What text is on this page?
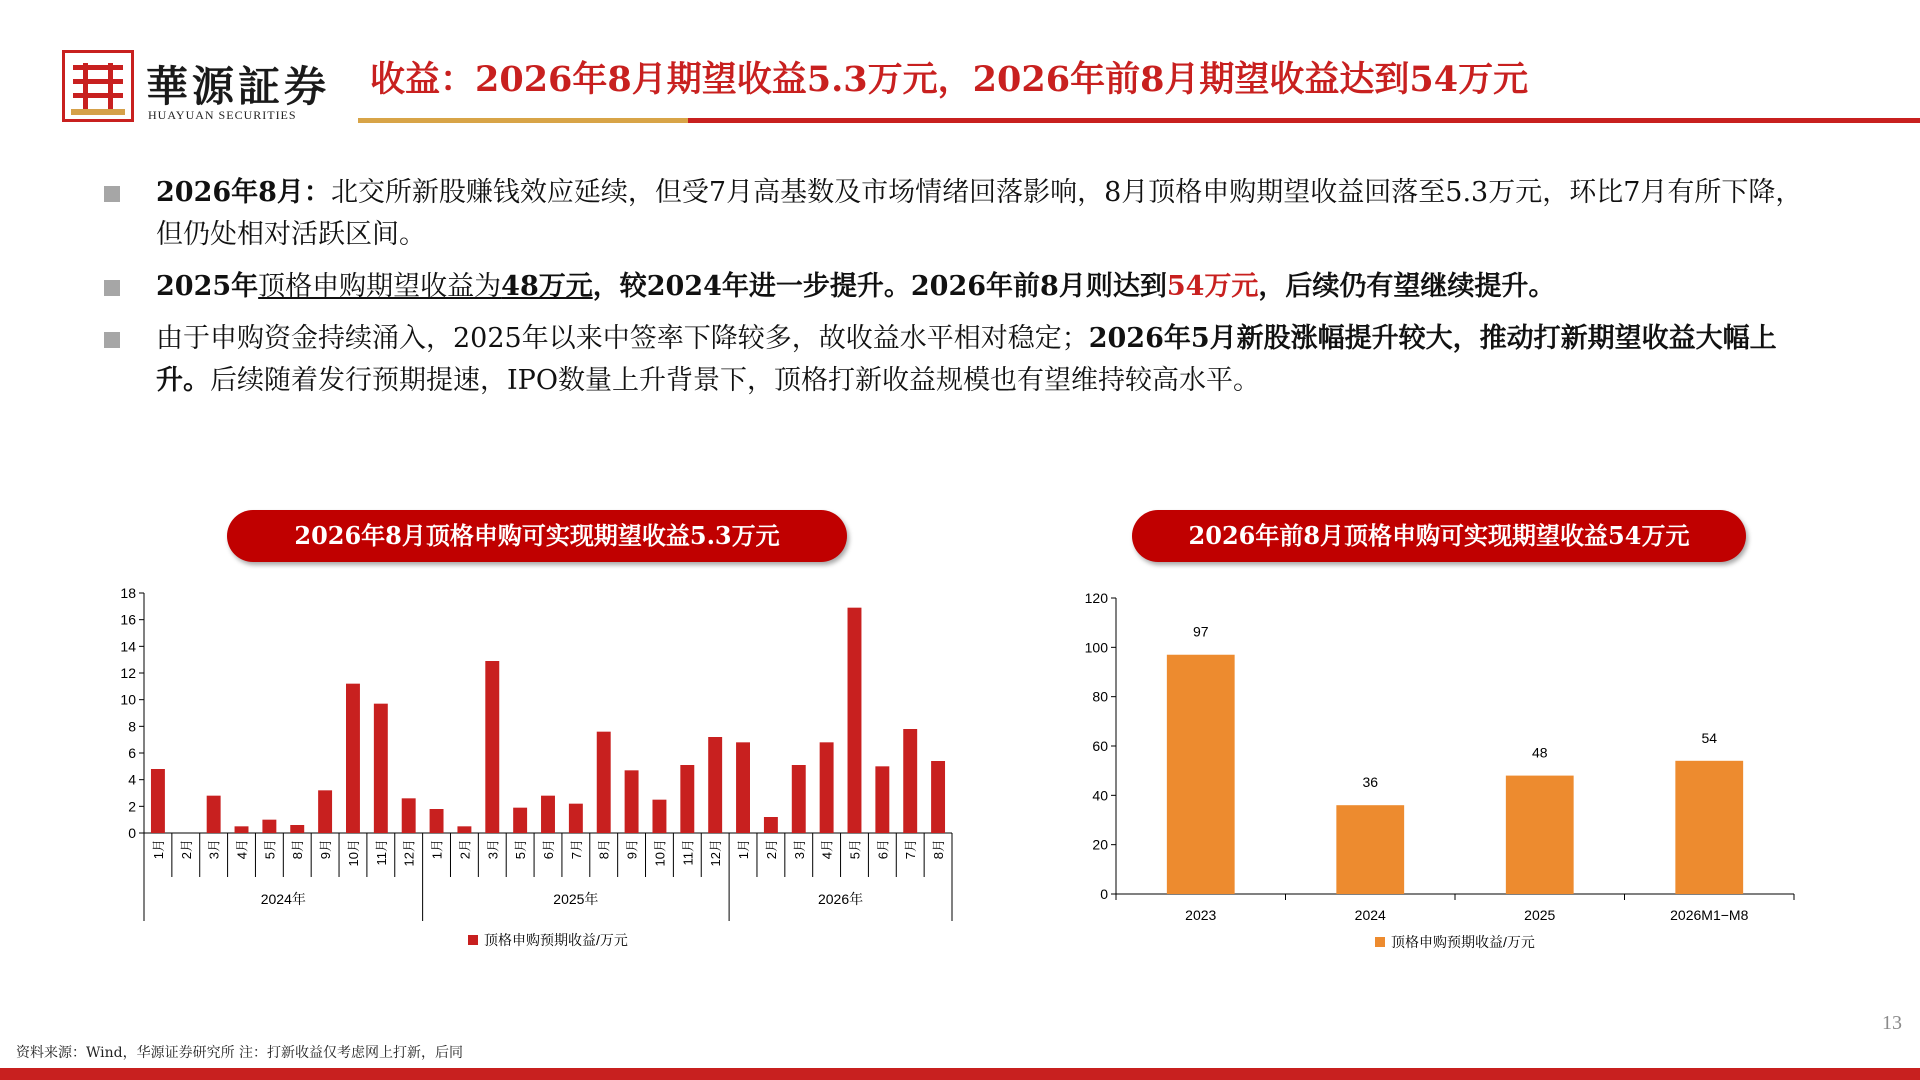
華源証券
HUAYUAN SECURITIES
收益：2026年8月期望收益5.3万元，2026年前8月期望收益达到54万元
2026年8月：北交所新股赚钱效应延续，但受7月高基数及市场情绪回落影响，8月顶格申购期望收益回落至5.3万元，环比7月有所下降，但仍处相对活跃区间。
2025年顶格申购期望收益为48万元，较2024年进一步提升。2026年前8月则达到54万元，后续仍有望继续提升。
由于申购资金持续涌入，2025年以来中签率下降较多，故收益水平相对稳定；2026年5月新股涨幅提升较大，推动打新期望收益大幅上升。后续随着发行预期提速，IPO数量上升背景下，顶格打新收益规模也有望维持较高水平。
2026年8月顶格申购可实现期望收益5.3万元	2026年前8月顶格申购可实现期望收益54万元
0
2
4
6
8
10
12
14
16
18
1月 2月 3月 4月 5月 8月 9月 10月 11月 12月 1月 2月 3月 5月 6月 7月 8月 9月 10月 11月 12月 1月 2月 3月 4月 5月 6月 7月 8月
2024年	2025年	2026年
顶格申购预期收益/万元
0
20
40
60
80
100
120
97
2023
36
2024
48
2025
54
2026M1−M8
顶格申购预期收益/万元
13
资料来源：Wind，华源证券研究所 注：打新收益仅考虑网上打新，后同
